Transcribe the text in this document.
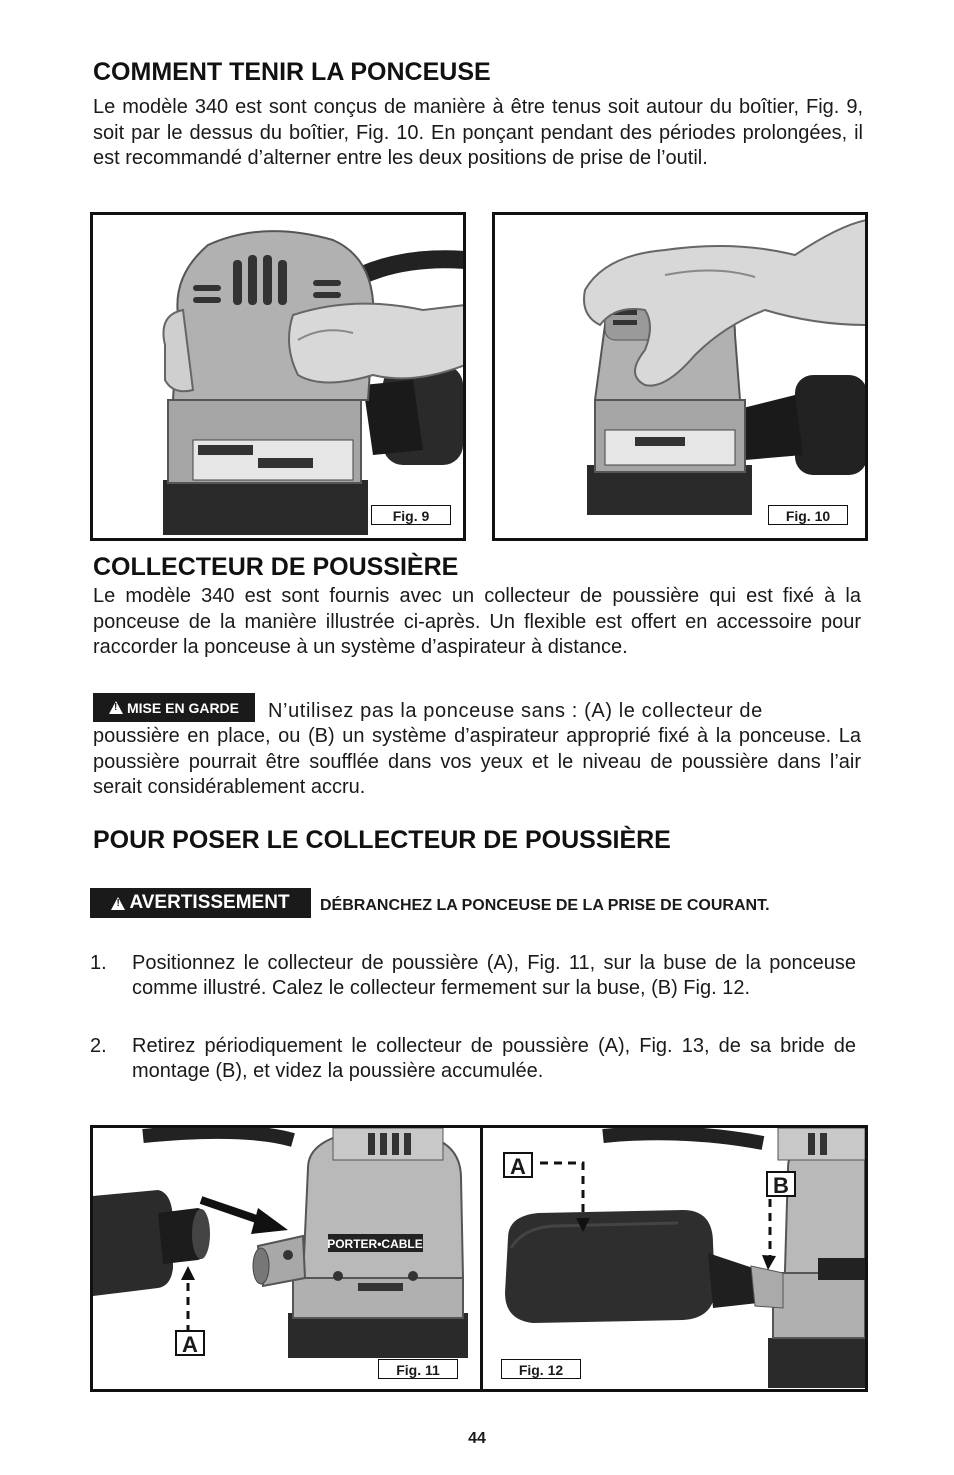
COMMENT TENIR LA PONCEUSE
Le modèle 340 est sont conçus de manière à être tenus soit autour du boîtier, Fig. 9, soit par le dessus du boîtier, Fig. 10. En ponçant pendant des périodes prolongées, il est recommandé d’alterner entre les deux positions de prise de l’outil.
Fig. 9	Fig. 10
COLLECTEUR DE POUSSIÈRE
Le modèle 340 est sont fournis avec un collecteur de poussière qui est fixé à la ponceuse de la manière illustrée ci-après. Un flexible est offert en accessoire pour raccorder la ponceuse à un système d’aspirateur à distance.
!
MISE EN GARDE N’utilisez pas la ponceuse sans : (A) le collecteur de
poussière en place, ou (B) un système d’aspirateur approprié fixé à la ponceuse. La poussière pourrait être soufflée dans vos yeux et le niveau de poussière dans l’air serait considérablement accru.
POUR POSER LE COLLECTEUR DE POUSSIÈRE
!
AVERTISSEMENT DÉBRANCHEZ LA PONCEUSE DE LA PRISE DE COURANT.
1. Positionnez le collecteur de poussière (A), Fig. 11, sur la buse de la ponceuse comme illustré. Calez le collecteur fermement sur la buse, (B) Fig. 12.
2. Retirez périodiquement le collecteur de poussière (A), Fig. 13, de sa bride de montage (B), et videz la poussière accumulée.
PORTER•CABLE
A
Fig. 11
A
B
Fig. 12
44
